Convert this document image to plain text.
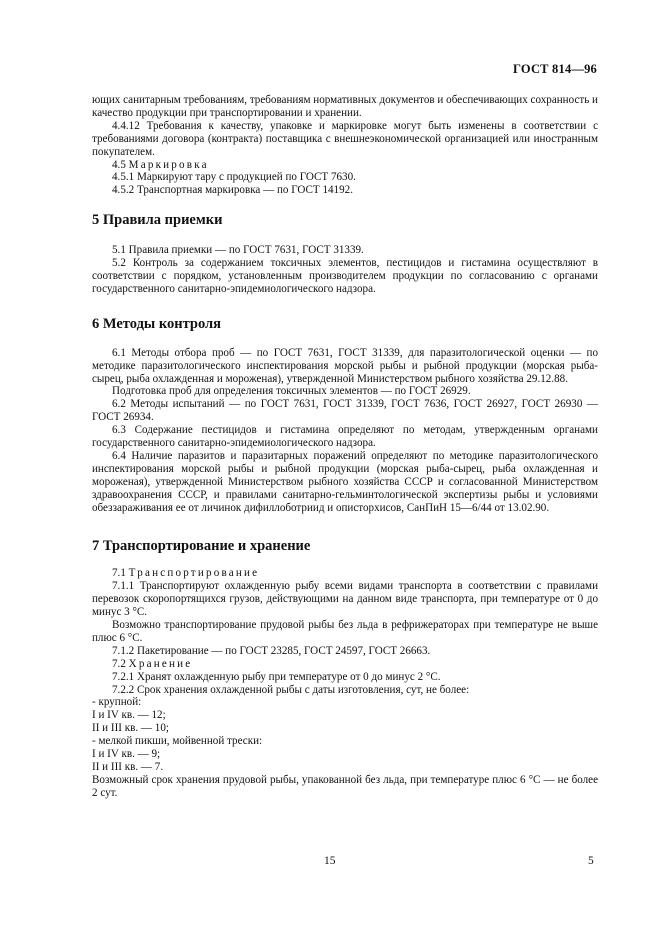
ГОСТ 814—96
ющих санитарным требованиям, требованиям нормативных документов и обеспечивающих сохранность и качество продукции при транспортировании и хранении.
4.4.12 Требования к качеству, упаковке и маркировке могут быть изменены в соответствии с требованиями договора (контракта) поставщика с внешнеэкономической организацией или иностранным покупателем.
4.5 Маркировка
4.5.1 Маркируют тару с продукцией по ГОСТ 7630.
4.5.2 Транспортная маркировка — по ГОСТ 14192.
5 Правила приемки
5.1 Правила приемки — по ГОСТ 7631, ГОСТ 31339.
5.2 Контроль за содержанием токсичных элементов, пестицидов и гистамина осуществляют в соответствии с порядком, установленным производителем продукции по согласованию с органами государственного санитарно-эпидемиологического надзора.
6 Методы контроля
6.1 Методы отбора проб — по ГОСТ 7631, ГОСТ 31339, для паразитологической оценки — по методике паразитологического инспектирования морской рыбы и рыбной продукции (морская рыба-сырец, рыба охлажденная и мороженая), утвержденной Министерством рыбного хозяйства 29.12.88.
Подготовка проб для определения токсичных элементов — по ГОСТ 26929.
6.2 Методы испытаний — по ГОСТ 7631, ГОСТ 31339, ГОСТ 7636, ГОСТ 26927, ГОСТ 26930 — ГОСТ 26934.
6.3 Содержание пестицидов и гистамина определяют по методам, утвержденным органами государственного санитарно-эпидемиологического надзора.
6.4 Наличие паразитов и паразитарных поражений определяют по методике паразитологического инспектирования морской рыбы и рыбной продукции (морская рыба-сырец, рыба охлажденная и мороженая), утвержденной Министерством рыбного хозяйства СССР и согласованной Министерством здравоохранения СССР, и правилами санитарно-гельминтологической экспертизы рыбы и условиями обеззараживания ее от личинок дифиллоботриид и описторхисов, СанПиН 15—6/44 от 13.02.90.
7 Транспортирование и хранение
7.1 Транспортирование
7.1.1 Транспортируют охлажденную рыбу всеми видами транспорта в соответствии с правилами перевозок скоропортящихся грузов, действующими на данном виде транспорта, при температуре от 0 до минус 3 °С.
Возможно транспортирование прудовой рыбы без льда в рефрижераторах при температуре не выше плюс 6 °С.
7.1.2 Пакетирование — по ГОСТ 23285, ГОСТ 24597, ГОСТ 26663.
7.2 Хранение
7.2.1 Хранят охлажденную рыбу при температуре от 0 до минус 2 °С.
7.2.2 Срок хранения охлажденной рыбы с даты изготовления, сут, не более:
- крупной:
I и IV кв. — 12;
II и III кв. — 10;
- мелкой пикши, мойвенной трески:
I и IV кв. — 9;
II и III кв. — 7.
Возможный срок хранения прудовой рыбы, упакованной без льда, при температуре плюс 6 °С — не более 2 сут.
15	5
